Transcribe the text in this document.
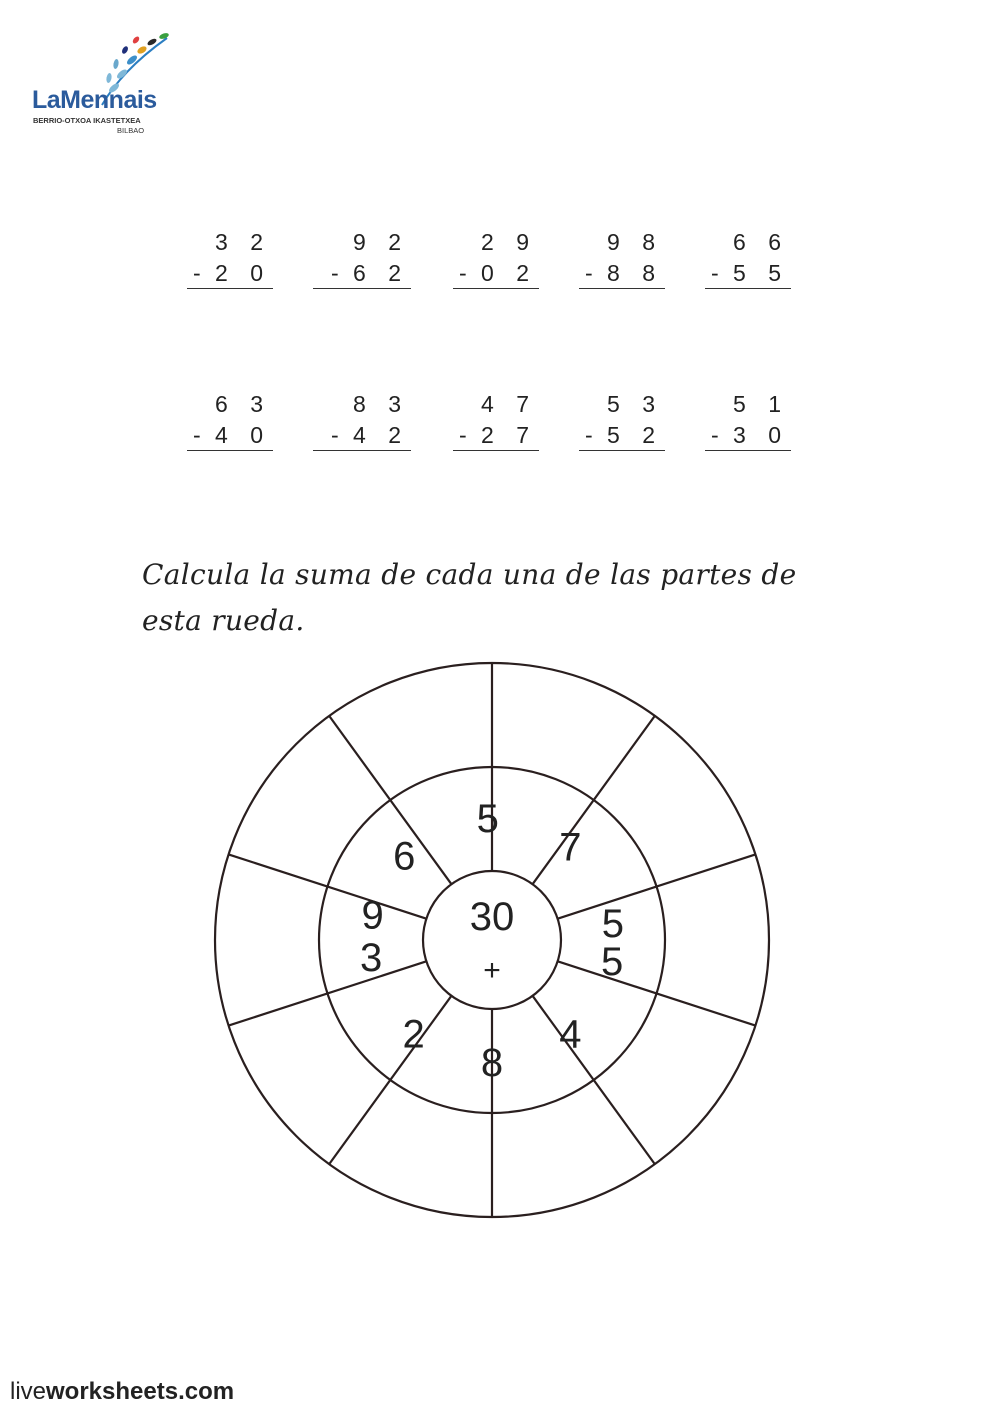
LaMennais
BERRIO-OTXOA IKASTETXEA
BILBAO
3 2
- 2 0
9 2
- 6 2
2 9
- 0 2
9 8
- 8 8
6 6
- 5 5
6 3
- 4 0
8 3
- 4 2
4 7
- 2 7
5 3
- 5 2
5 1
- 3 0
Calcula la suma de cada una de las partes de
esta rueda.
5
7
5
5
4
8
2
3
9
6
30
+
liveworksheets.com
